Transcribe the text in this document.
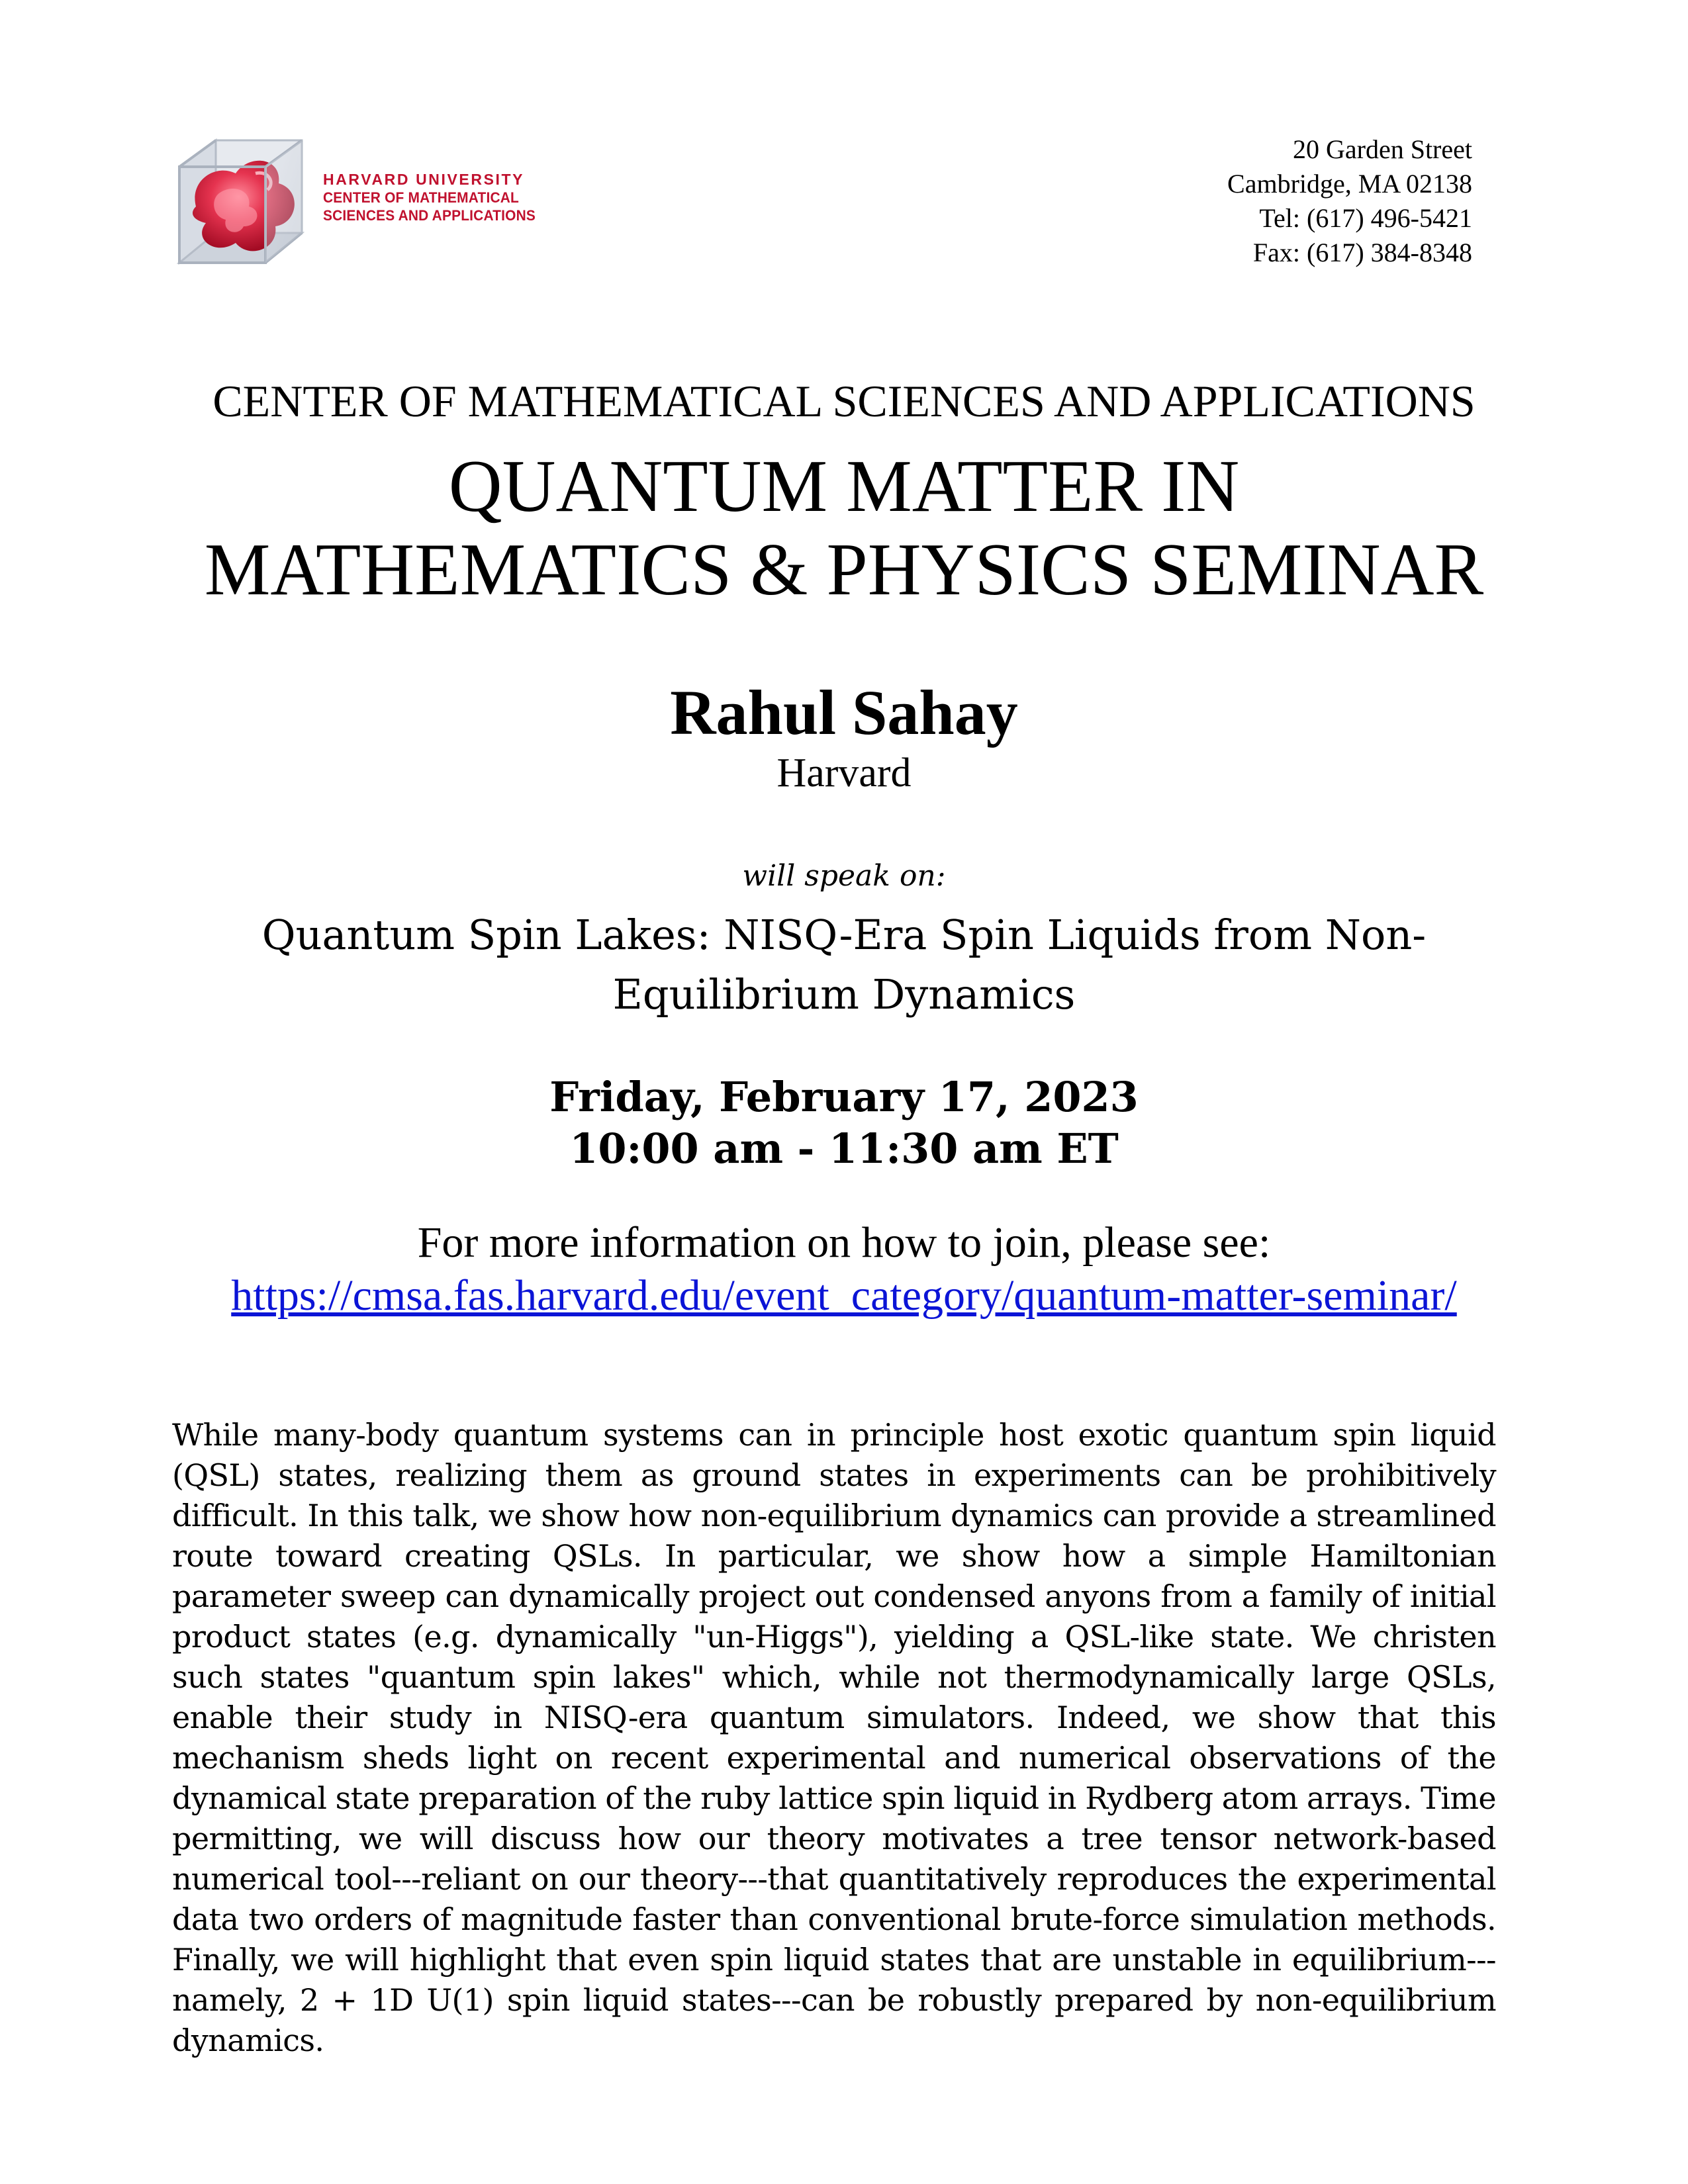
HARVARD UNIVERSITY
CENTER OF MATHEMATICAL
SCIENCES AND APPLICATIONS
20 Garden Street
Cambridge, MA 02138
Tel: (617) 496-5421
Fax: (617) 384-8348
CENTER OF MATHEMATICAL SCIENCES AND APPLICATIONS
QUANTUM MATTER IN
MATHEMATICS & PHYSICS SEMINAR
Rahul Sahay
Harvard
will speak on:
Quantum Spin Lakes: NISQ-Era Spin Liquids from Non-
Equilibrium Dynamics
Friday, February 17, 2023
10:00 am - 11:30 am ET
For more information on how to join, please see:
https://cmsa.fas.harvard.edu/event_category/quantum-matter-seminar/
While many-body quantum systems can in principle host exotic quantum spin liquid (QSL) states, realizing them as ground states in experiments can be prohibitively difficult. In this talk, we show how non-equilibrium dynamics can provide a streamlined route toward creating QSLs. In particular, we show how a simple Hamiltonian parameter sweep can dynamically project out condensed anyons from a family of initial product states (e.g. dynamically "un-Higgs"), yielding a QSL-like state. We christen such states "quantum spin lakes" which, while not thermodynamically large QSLs, enable their study in NISQ-era quantum simulators. Indeed, we show that this mechanism sheds light on recent experimental and numerical observations of the dynamical state preparation of the ruby lattice spin liquid in Rydberg atom arrays. Time permitting, we will discuss how our theory motivates a tree tensor network-based numerical tool---reliant on our theory---that quantitatively reproduces the experimental data two orders of magnitude faster than conventional brute-force simulation methods. Finally, we will highlight that even spin liquid states that are unstable in equilibrium---namely, 2 + 1D U(1) spin liquid states---can be robustly prepared by non-equilibrium dynamics.
